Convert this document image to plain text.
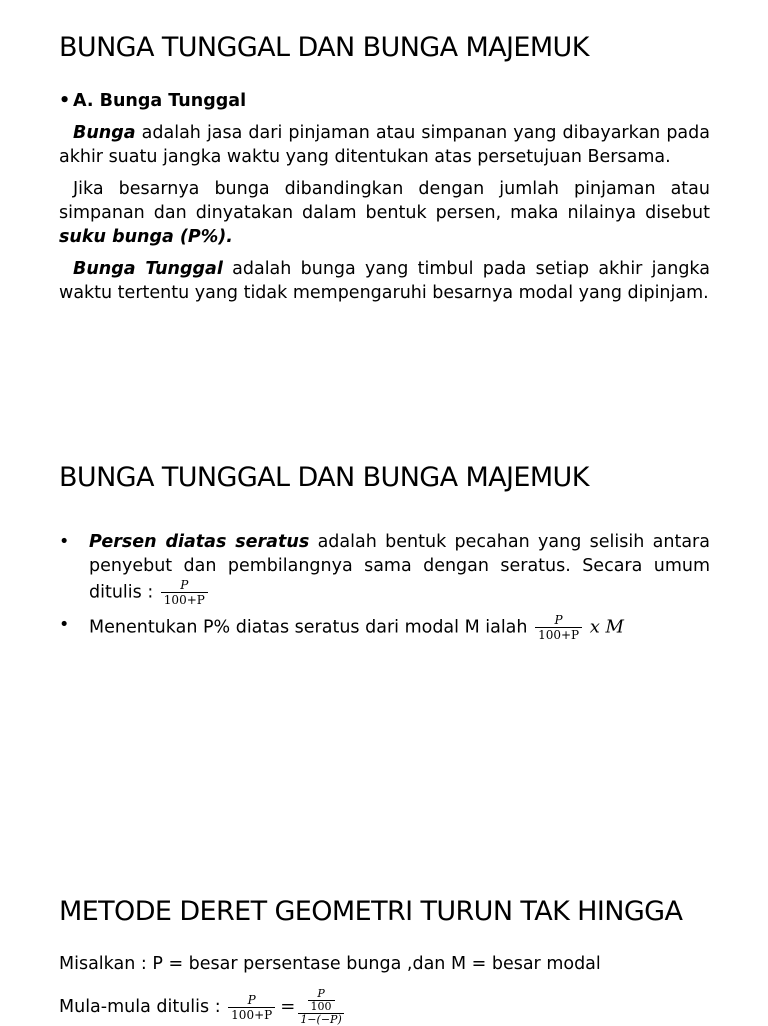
BUNGA TUNGGAL DAN BUNGA MAJEMUK
• A. Bunga Tunggal

Bunga adalah jasa dari pinjaman atau simpanan yang dibayarkan pada akhir suatu jangka waktu yang ditentukan atas persetujuan Bersama.

Jika besarnya bunga dibandingkan dengan jumlah pinjaman atau simpanan dan dinyatakan dalam bentuk persen, maka nilainya disebut suku bunga (P%).

Bunga Tunggal adalah bunga yang timbul pada setiap akhir jangka waktu tertentu yang tidak mempengaruhi besarnya modal yang dipinjam.

BUNGA TUNGGAL DAN BUNGA MAJEMUK
• Persen diatas seratus adalah bentuk pecahan yang selisih antara penyebut dan pembilangnya sama dengan seratus. Secara umum ditulis : $\frac{P}{100+P}$
• Menentukan P% diatas seratus dari modal M ialah $\frac{P}{100+P}$ x M
METODE DERET GEOMETRI TURUN TAK HINGGA
Misalkan : P = besar persentase bunga ,dan M = besar modal
Mula-mula ditulis : $\frac{P}{100+P} = \frac{\frac{P}{100}}{1-(-P)}$
